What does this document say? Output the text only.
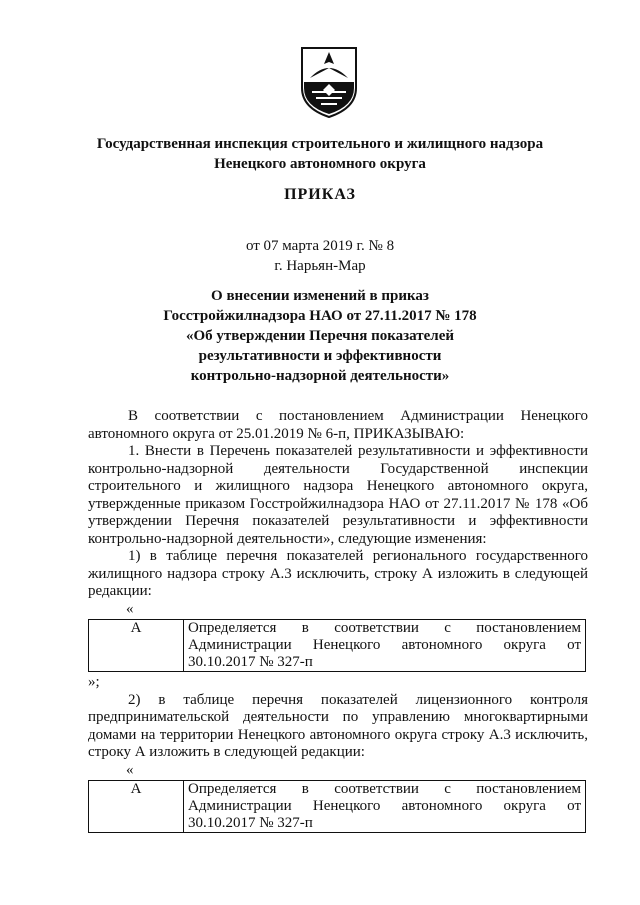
Государственная инспекция строительного и жилищного надзора
Ненецкого автономного округа
ПРИКАЗ
от 07 марта 2019 г. № 8
г. Нарьян-Мар
О внесении изменений в приказ
Госстройжилнадзора НАО от 27.11.2017 № 178
«Об утверждении Перечня показателей
результативности и эффективности
контрольно-надзорной деятельности»

В соответствии с постановлением Администрации Ненецкого автономного округа от 25.01.2019 № 6-п, ПРИКАЗЫВАЮ:

1. Внести в Перечень показателей результативности и эффективности контрольно-надзорной деятельности Государственной инспекции строительного и жилищного надзора Ненецкого автономного округа, утвержденные приказом Госстройжилнадзора НАО от 27.11.2017 № 178 «Об утверждении Перечня показателей результативности и эффективности контрольно-надзорной деятельности», следующие изменения:

1) в таблице перечня показателей регионального государственного жилищного надзора строку А.3 исключить, строку А изложить в следующей редакции:

«
А	Определяется в соответствии с постановлением Администрации Ненецкого автономного округа от 30.10.2017 № 327-п
»;

2) в таблице перечня показателей лицензионного контроля предпринимательской деятельности по управлению многоквартирными домами на территории Ненецкого автономного округа строку А.3 исключить, строку А изложить в следующей редакции:

«
А	Определяется в соответствии с постановлением Администрации Ненецкого автономного округа от 30.10.2017 № 327-п
